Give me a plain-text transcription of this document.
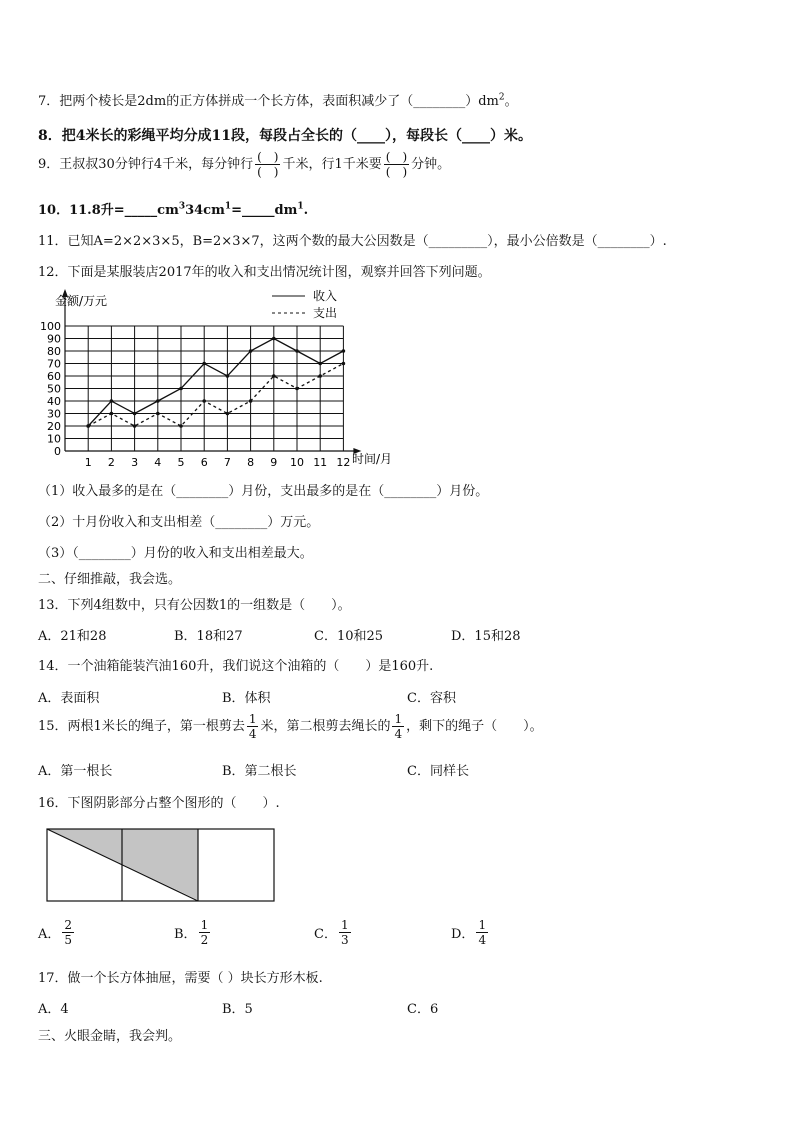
7．把两个棱长是2dm的正方体拼成一个长方体，表面积减少了$(\_\_\_\_\_\_\_\_)dm^2$。
8．把4米长的彩绳平均分成11段，每段占全长的（____），每段长（____）米。
9．王叔叔30分钟行4千米，每分钟行 $\frac{( )}{( )}$ 千米，行1千米要 $\frac{( )}{( )}$ 分钟。
10．11.8升$=\_\_\_\_\_cm^334cm^1=\_\_\_\_\_dm^1$.
11．已知A=2×2×3×5，B=2×3×7，这两个数的最大公因数是（_________），最小公倍数是（________）.
12．下面是某服装店2017年的收入和支出情况统计图，观察并回答下列问题。
0
10
20
30
40
50
60
70
80
90
100
1 2 3 4 5 6 7 8 9 10 11 12
金额/万元
时间/月
收入
支出
（1）收入最多的是在（________）月份，支出最多的是在（________）月份。
（2）十月份收入和支出相差（________）万元。
（3）（________）月份的收入和支出相差最大。
二、仔细推敲，我会选。
13．下列4组数中，只有公因数1的一组数是（　　）。
A．21和28	B．18和27	C．10和25	D．15和28
14．一个油箱能装汽油160升，我们说这个油箱的（　　）是160升.
A．表面积	B．体积	C．容积
15．两根1米长的绳子，第一根剪去 $\frac{1}{4}$ 米，第二根剪去绳长的 $\frac{1}{4}$ ，剩下的绳子（　　）。
A．第一根长	B．第二根长	C．同样长
16．下图阴影部分占整个图形的（　　）.
A． $\frac{2}{5}$	B． $\frac{1}{2}$	C． $\frac{1}{3}$	D． $\frac{1}{4}$
17．做一个长方体抽屉，需要（ ）块长方形木板.
A．4	B．5	C．6
三、火眼金睛，我会判。
